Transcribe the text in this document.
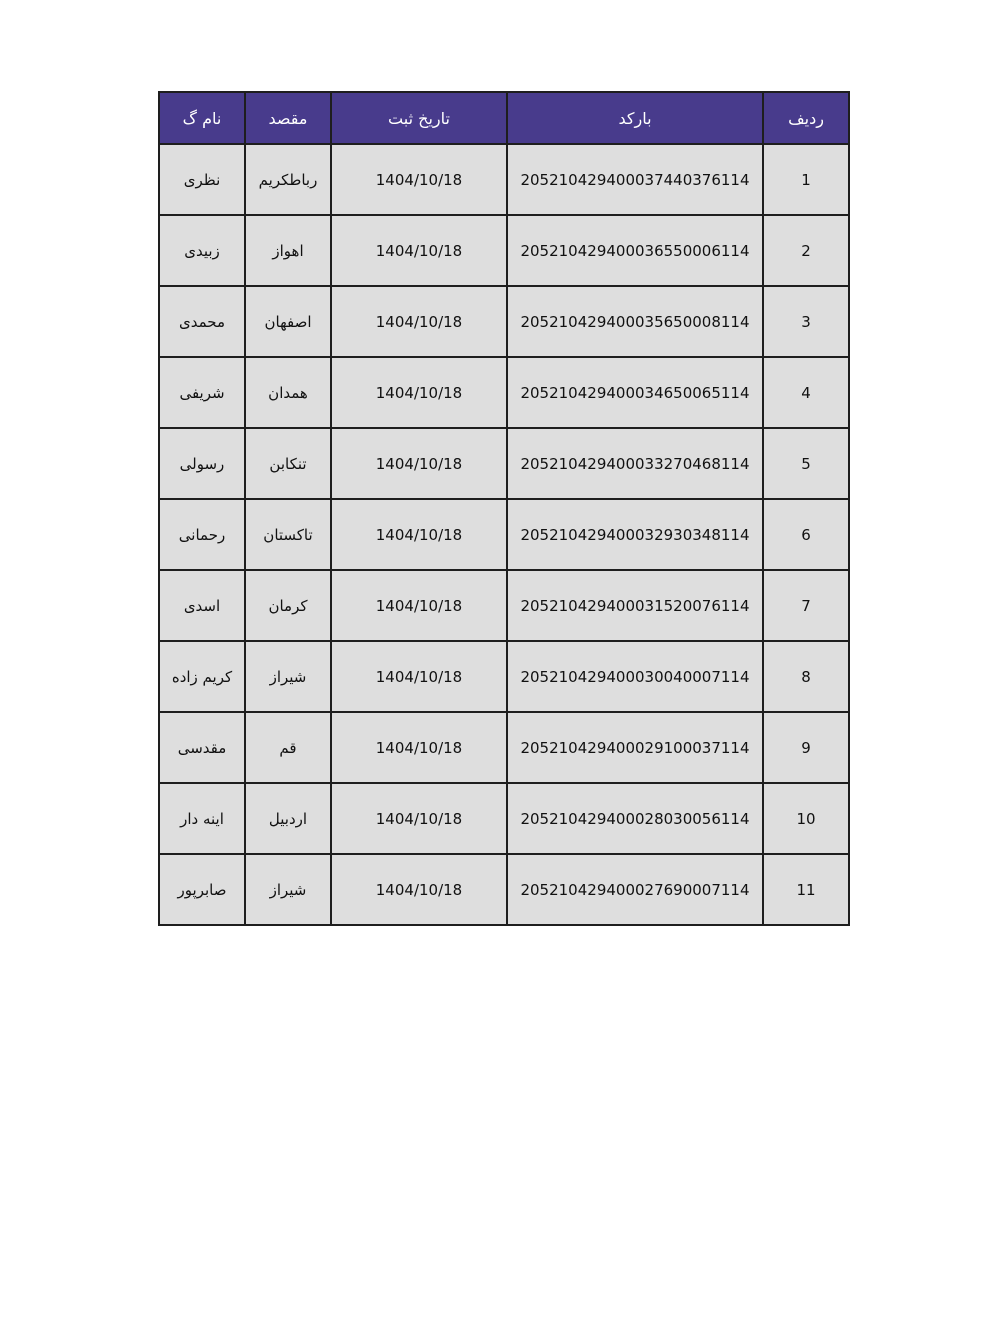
ردیف	بارکد	تاریخ ثبت	مقصد	نام گ
1	205210429400037440376114	1404/10/18	رباطکریم	نظری
2	205210429400036550006114	1404/10/18	اهواز	زبیدی
3	205210429400035650008114	1404/10/18	اصفهان	محمدی
4	205210429400034650065114	1404/10/18	همدان	شریفی
5	205210429400033270468114	1404/10/18	تنکابن	رسولی
6	205210429400032930348114	1404/10/18	تاکستان	رحمانی
7	205210429400031520076114	1404/10/18	کرمان	اسدی
8	205210429400030040007114	1404/10/18	شیراز	کریم زاده
9	205210429400029100037114	1404/10/18	قم	مقدسی
10	205210429400028030056114	1404/10/18	اردبیل	اینه دار
11	205210429400027690007114	1404/10/18	شیراز	صابرپور
